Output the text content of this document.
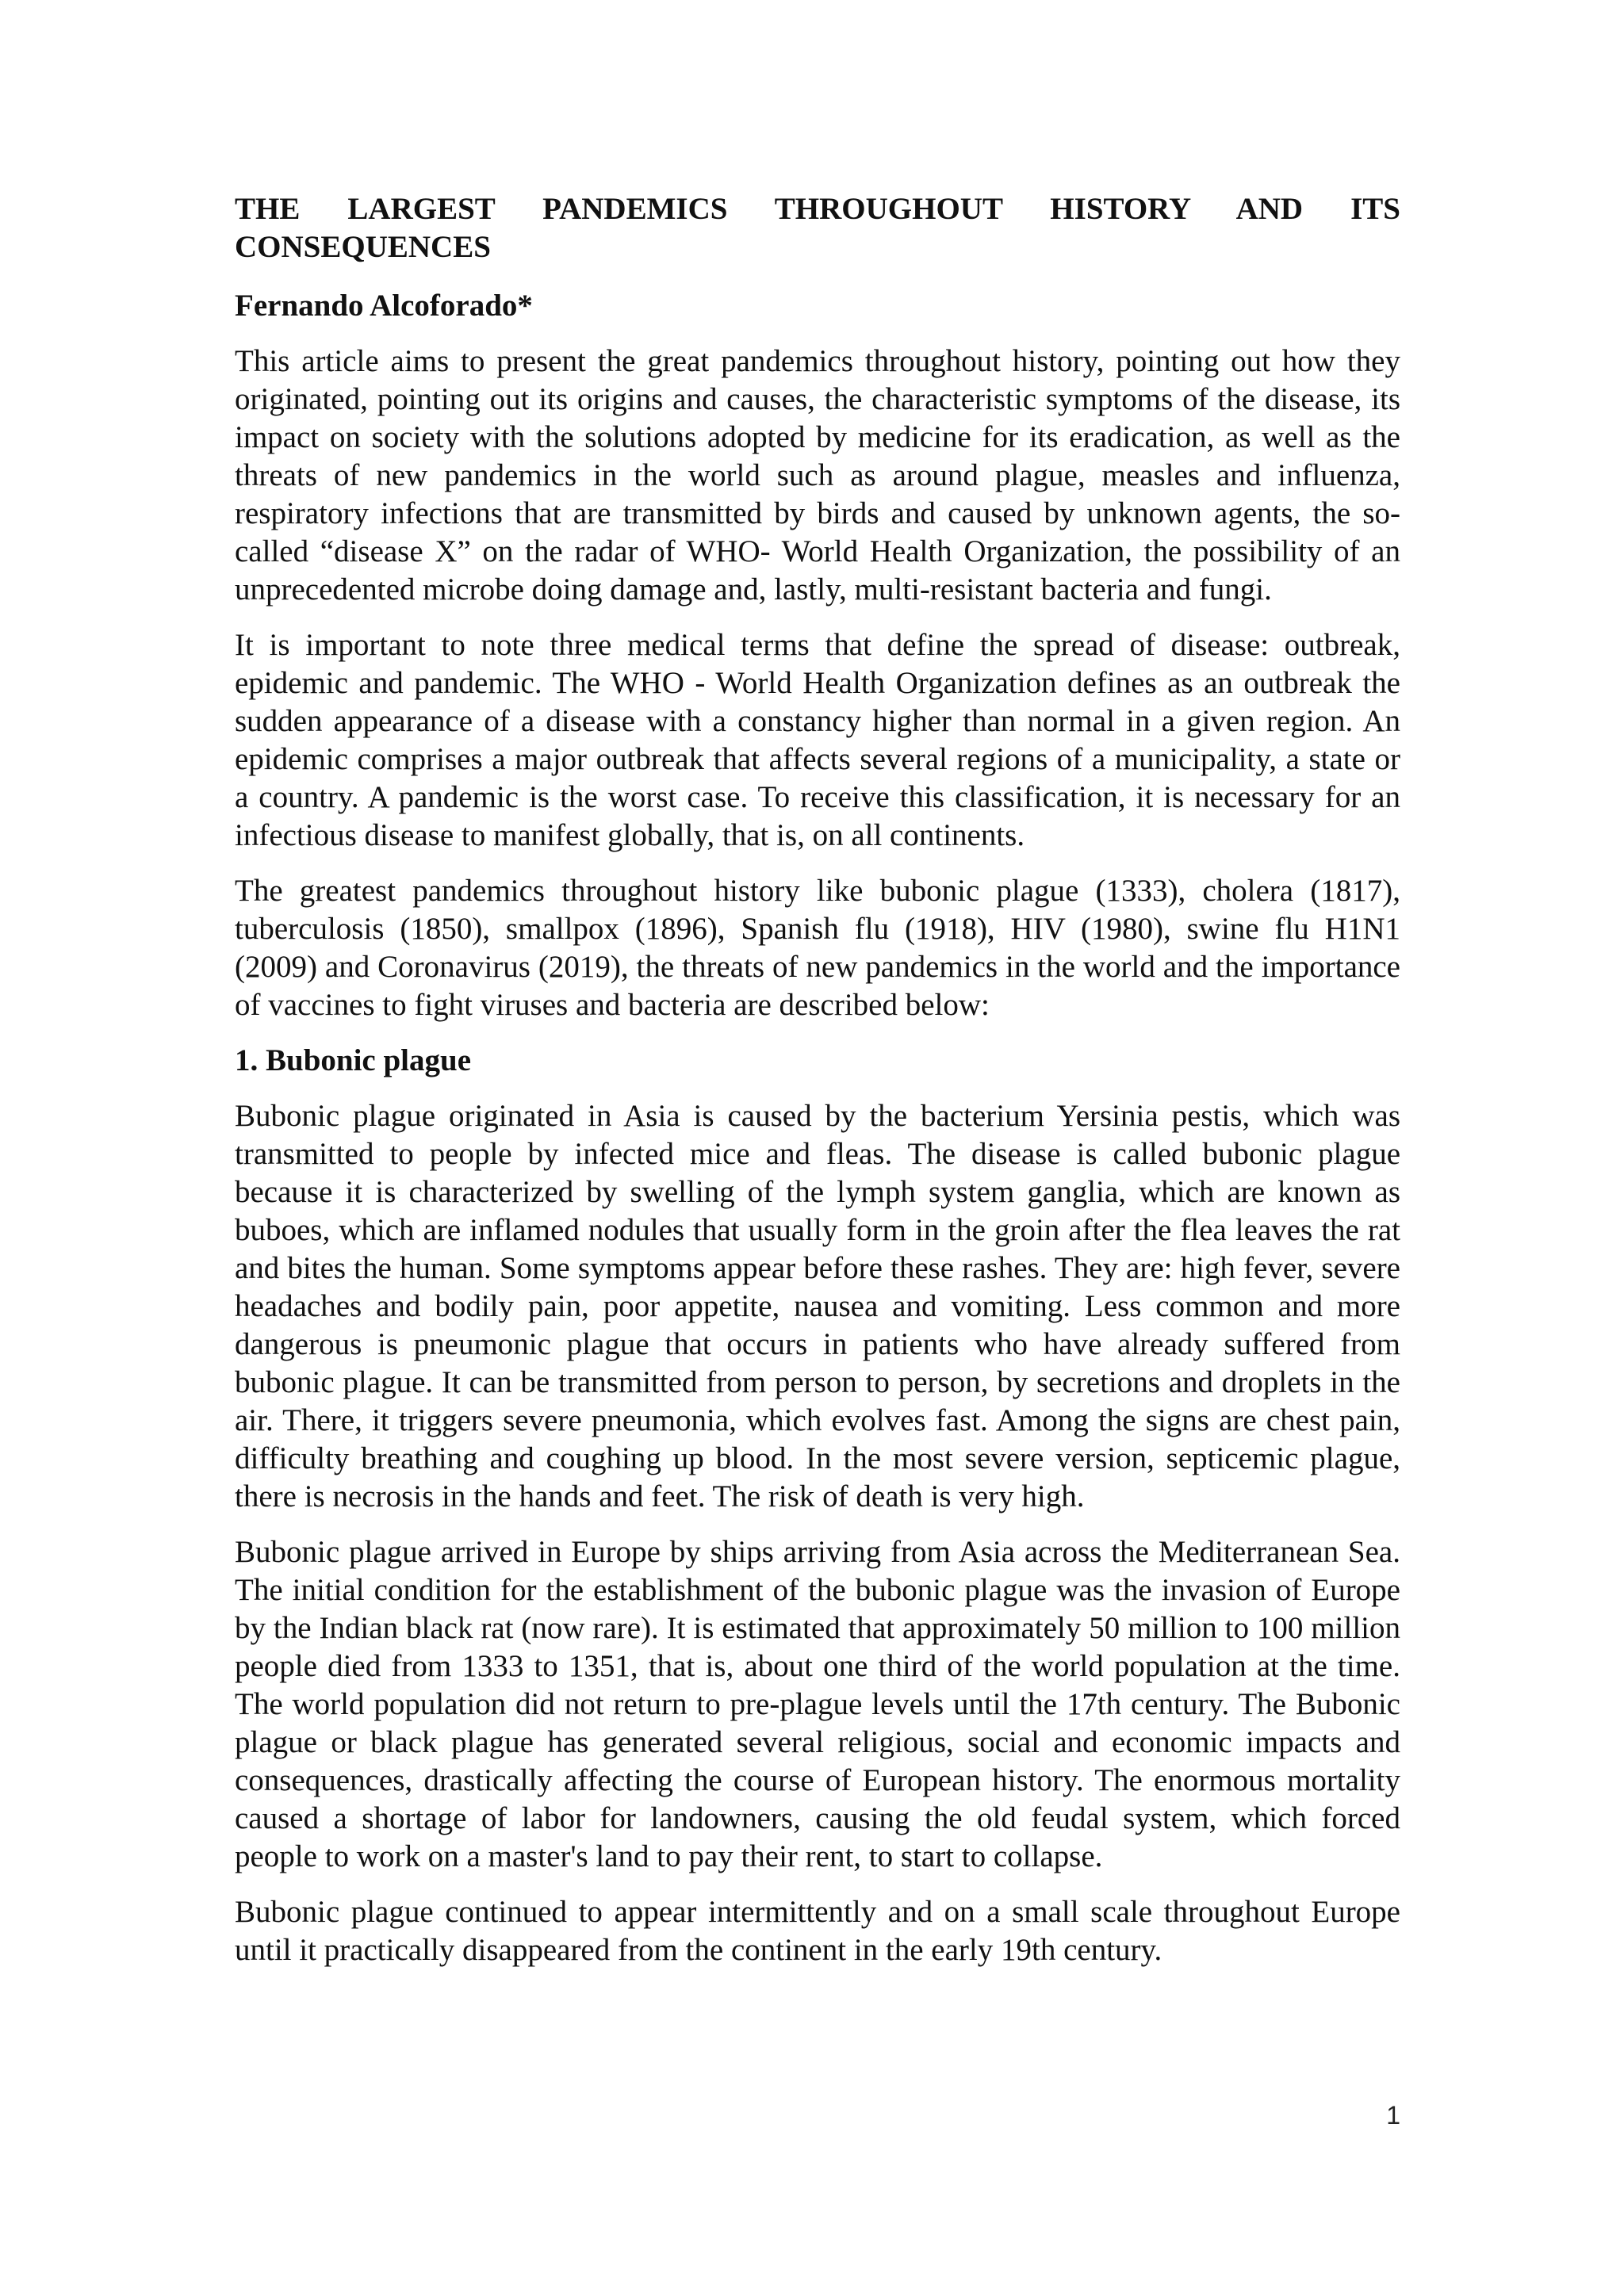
THE LARGEST PANDEMICS THROUGHOUT HISTORY AND ITS CONSEQUENCES

Fernando Alcoforado*

This article aims to present the great pandemics throughout history, pointing out how they originated, pointing out its origins and causes, the characteristic symptoms of the disease, its impact on society with the solutions adopted by medicine for its eradication, as well as the threats of new pandemics in the world such as around plague, measles and influenza, respiratory infections that are transmitted by birds and caused by unknown agents, the so-called “disease X” on the radar of WHO- World Health Organization, the possibility of an unprecedented microbe doing damage and, lastly, multi-resistant bacteria and fungi.

It is important to note three medical terms that define the spread of disease: outbreak, epidemic and pandemic. The WHO - World Health Organization defines as an outbreak the sudden appearance of a disease with a constancy higher than normal in a given region. An epidemic comprises a major outbreak that affects several regions of a municipality, a state or a country. A pandemic is the worst case. To receive this classification, it is necessary for an infectious disease to manifest globally, that is, on all continents.

The greatest pandemics throughout history like bubonic plague (1333), cholera (1817), tuberculosis (1850), smallpox (1896), Spanish flu (1918), HIV (1980), swine flu H1N1 (2009) and Coronavirus (2019), the threats of new pandemics in the world and the importance of vaccines to fight viruses and bacteria are described below:

1. Bubonic plague

Bubonic plague originated in Asia is caused by the bacterium Yersinia pestis, which was transmitted to people by infected mice and fleas. The disease is called bubonic plague because it is characterized by swelling of the lymph system ganglia, which are known as buboes, which are inflamed nodules that usually form in the groin after the flea leaves the rat and bites the human. Some symptoms appear before these rashes. They are: high fever, severe headaches and bodily pain, poor appetite, nausea and vomiting. Less common and more dangerous is pneumonic plague that occurs in patients who have already suffered from bubonic plague. It can be transmitted from person to person, by secretions and droplets in the air. There, it triggers severe pneumonia, which evolves fast. Among the signs are chest pain, difficulty breathing and coughing up blood. In the most severe version, septicemic plague, there is necrosis in the hands and feet. The risk of death is very high.

Bubonic plague arrived in Europe by ships arriving from Asia across the Mediterranean Sea. The initial condition for the establishment of the bubonic plague was the invasion of Europe by the Indian black rat (now rare). It is estimated that approximately 50 million to 100 million people died from 1333 to 1351, that is, about one third of the world population at the time. The world population did not return to pre-plague levels until the 17th century. The Bubonic plague or black plague has generated several religious, social and economic impacts and consequences, drastically affecting the course of European history. The enormous mortality caused a shortage of labor for landowners, causing the old feudal system, which forced people to work on a master's land to pay their rent, to start to collapse.

Bubonic plague continued to appear intermittently and on a small scale throughout Europe until it practically disappeared from the continent in the early 19th century.

1
